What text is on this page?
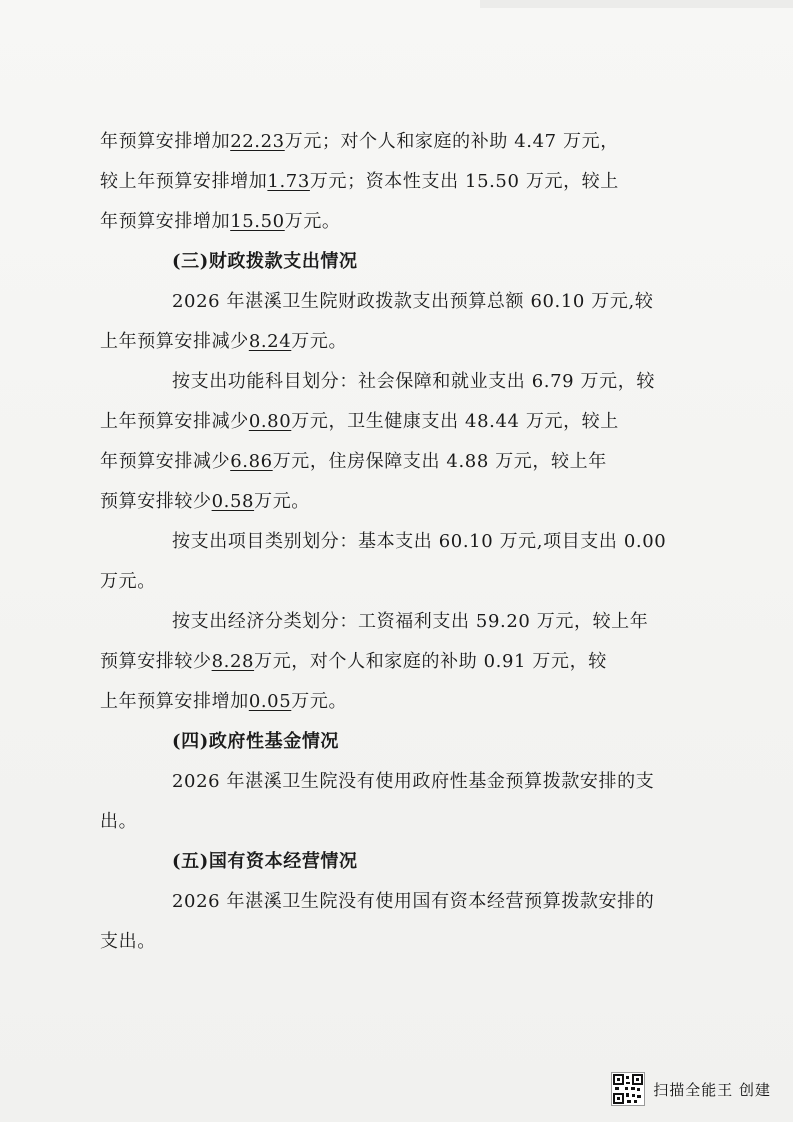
年预算安排增加22.23万元；对个人和家庭的补助 4.47 万元，
较上年预算安排增加1.73万元；资本性支出 15.50 万元，较上
年预算安排增加15.50万元。
(三)财政拨款支出情况
2026 年湛溪卫生院财政拨款支出预算总额 60.10 万元,较
上年预算安排减少8.24万元。
按支出功能科目划分：社会保障和就业支出 6.79 万元，较
上年预算安排减少0.80万元，卫生健康支出 48.44 万元，较上
年预算安排减少6.86万元，住房保障支出 4.88 万元，较上年
预算安排较少0.58万元。
按支出项目类别划分：基本支出 60.10 万元,项目支出 0.00
万元。
按支出经济分类划分：工资福利支出 59.20 万元，较上年
预算安排较少8.28万元，对个人和家庭的补助 0.91 万元，较
上年预算安排增加0.05万元。
(四)政府性基金情况
2026 年湛溪卫生院没有使用政府性基金预算拨款安排的支
出。
(五)国有资本经营情况
2026 年湛溪卫生院没有使用国有资本经营预算拨款安排的
支出。
扫描全能王 创建
